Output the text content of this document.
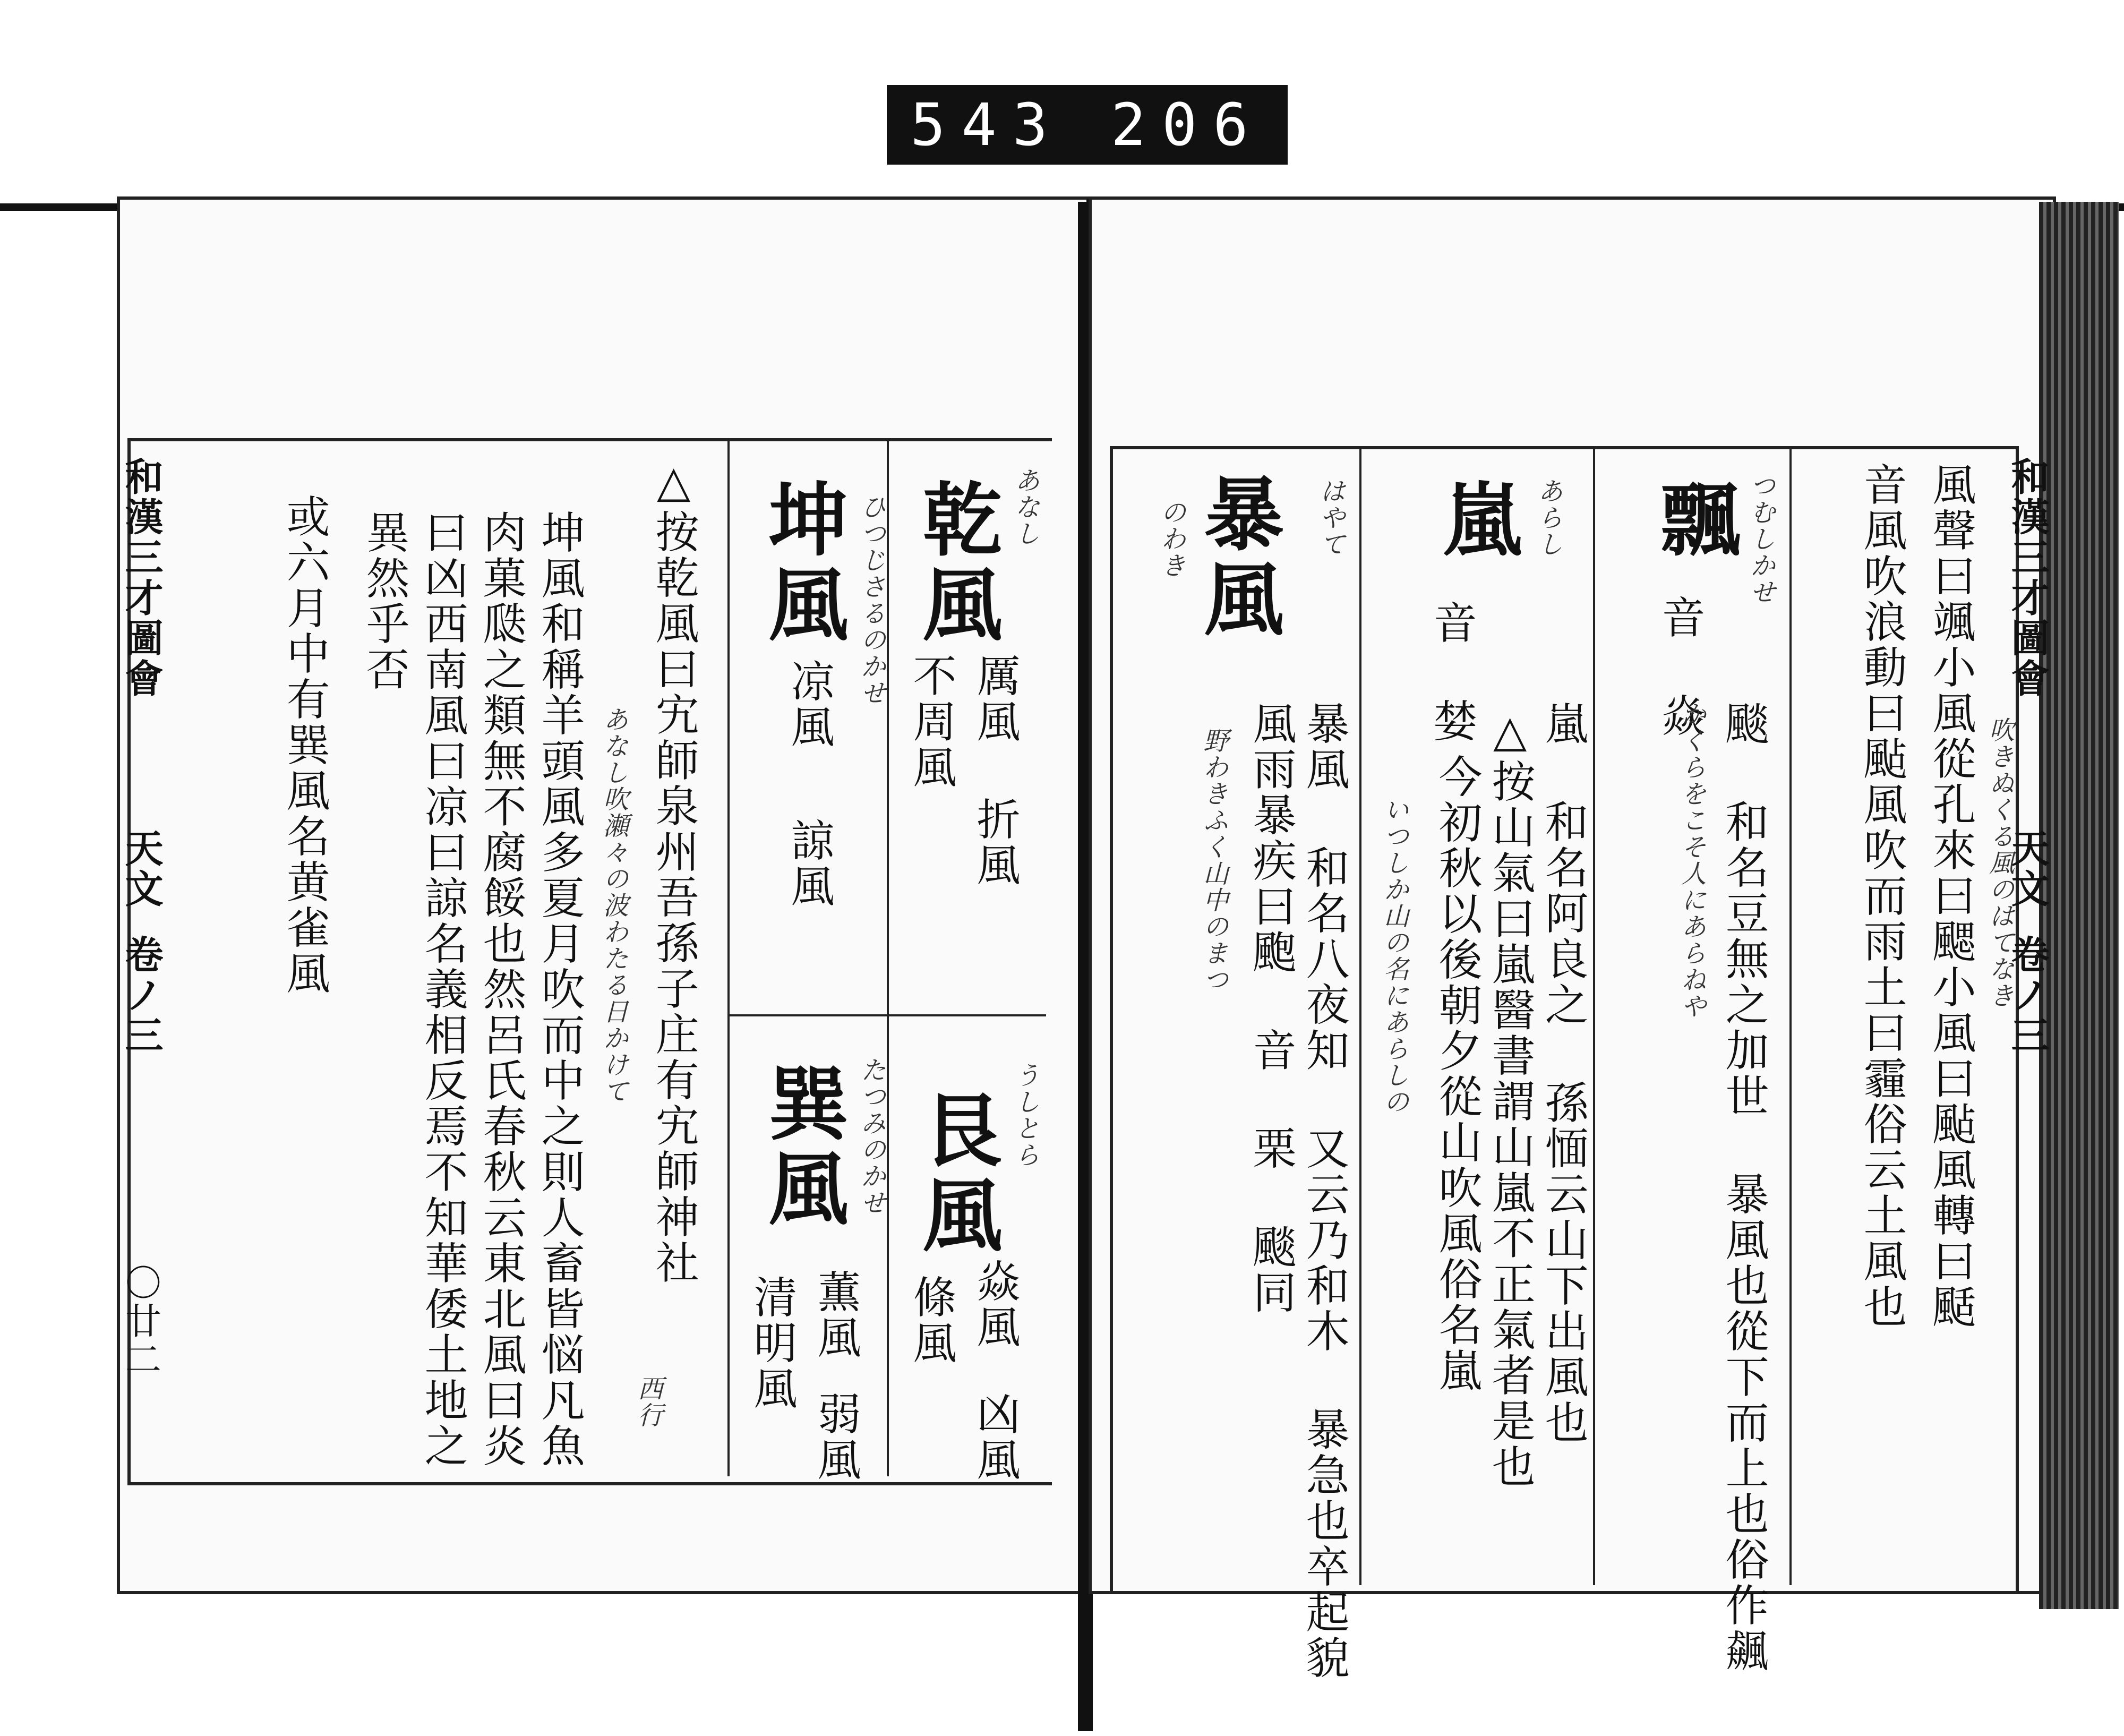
543 206
和漢三才圖會
天文
卷ノ三
〇廿二
あなし
乾風
厲風
折風
不周風
ひつじさるのかせ
坤風
凉風
諒風
うしとら
艮風
焱風
凶風
條風
たつみのかせ
巽風
薫風
弱風
清明風
△按乾風曰宄師泉州吾孫子庄有宄師神社
あなし吹瀬々の波わたる日かけて
西行
坤風和稱羊頭風多夏月吹而中之則人畜皆悩凡魚
肉菓瓞之類無不腐餒也然呂氏春秋云東北風曰炎
曰凶西南風曰凉曰諒名義相反焉不知華倭土地之
異然乎否
或六月中有巽風名黄雀風	和漢三才圖會
天文
卷ノ三
風聲曰颯小風從孔來曰颸小風曰颭風轉曰颳
音風吹浪動曰颭風吹而雨土曰霾俗云土風也	吹きぬくる風のはてなき
つむしかせ
飄
音 焱
颷 和名豆無之加世 暴風也從下而上也俗作飆
かくらをこそ人にあらねや
あらし
嵐
音 婪
嵐 和名阿良之 孫愐云山下出風也
△按山氣曰嵐醫書謂山嵐不正氣者是也
今初秋以後朝夕從山吹風俗名嵐
いつしか山の名にあらしの
はやて
暴風
のわき
暴風 和名八夜知 又云乃和木 暴急也卒起貌
風雨暴疾曰颮 音 栗 颷同
野わきふく山中のまつ
